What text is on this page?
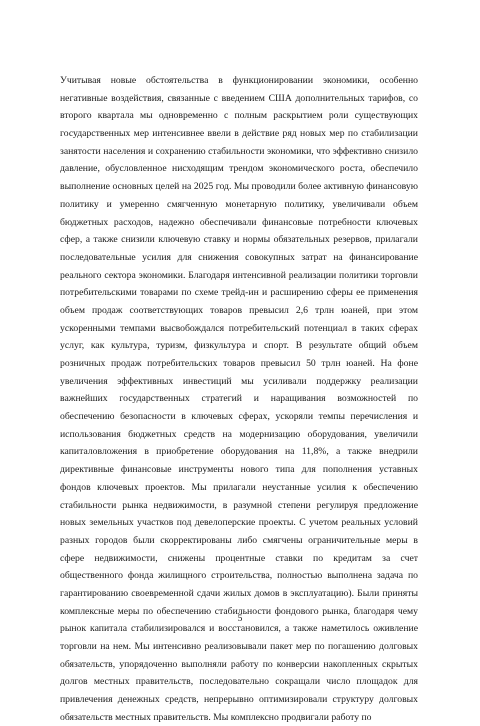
Учитывая новые обстоятельства в функционировании экономики, особенно негативные воздействия, связанные с введением США дополнительных тарифов, со второго квартала мы одновременно с полным раскрытием роли существующих государственных мер интенсивнее ввели в действие ряд новых мер по стабилизации занятости населения и сохранению стабильности экономики, что эффективно снизило давление, обусловленное нисходящим трендом экономического роста, обеспечило выполнение основных целей на 2025 год. Мы проводили более активную финансовую политику и умеренно смягченную монетарную политику, увеличивали объем бюджетных расходов, надежно обеспечивали финансовые потребности ключевых сфер, а также снизили ключевую ставку и нормы обязательных резервов, прилагали последовательные усилия для снижения совокупных затрат на финансирование реального сектора экономики. Благодаря интенсивной реализации политики торговли потребительскими товарами по схеме трейд-ин и расширению сферы ее применения объем продаж соответствующих товаров превысил 2,6 трлн юаней, при этом ускоренными темпами высвобождался потребительский потенциал в таких сферах услуг, как культура, туризм, физкультура и спорт. В результате общий объем розничных продаж потребительских товаров превысил 50 трлн юаней. На фоне увеличения эффективных инвестиций мы усиливали поддержку реализации важнейших государственных стратегий и наращивания возможностей по обеспечению безопасности в ключевых сферах, ускоряли темпы перечисления и использования бюджетных средств на модернизацию оборудования, увеличили капиталовложения в приобретение оборудования на 11,8%, а также внедрили директивные финансовые инструменты нового типа для пополнения уставных фондов ключевых проектов. Мы прилагали неустанные усилия к обеспечению стабильности рынка недвижимости, в разумной степени регулируя предложение новых земельных участков под девелоперские проекты. С учетом реальных условий разных городов были скорректированы либо смягчены ограничительные меры в сфере недвижимости, снижены процентные ставки по кредитам за счет общественного фонда жилищного строительства, полностью выполнена задача по гарантированию своевременной сдачи жилых домов в эксплуатацию). Были приняты комплексные меры по обеспечению стабильности фондового рынка, благодаря чему рынок капитала стабилизировался и восстановился, а также наметилось оживление торговли на нем. Мы интенсивно реализовывали пакет мер по погашению долговых обязательств, упорядоченно выполняли работу по конверсии накопленных скрытых долгов местных правительств, последовательно сокращали число площадок для привлечения денежных средств, непрерывно оптимизировали структуру долговых обязательств местных правительств. Мы комплексно продвигали работу по

5
